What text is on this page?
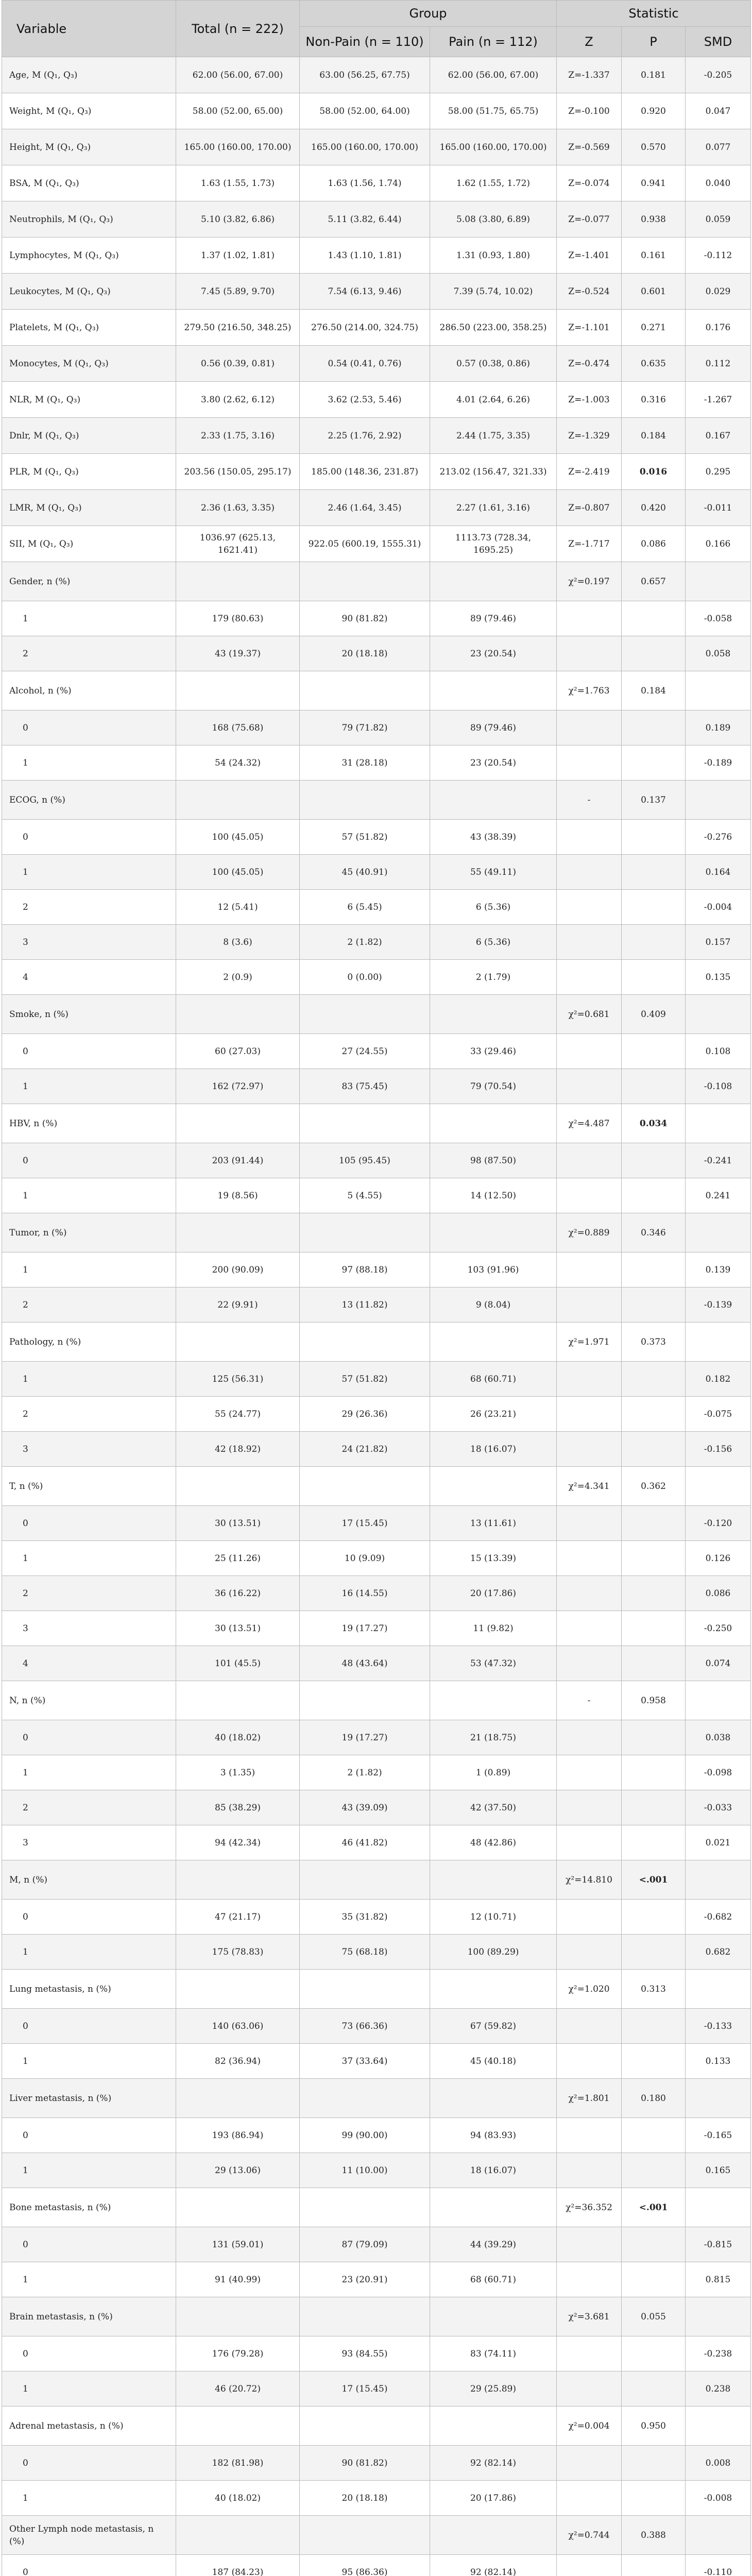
Variable	Total (n = 222)	Group		Statistic		
		Non-Pain (n = 110)	Pain (n = 112)	Z	P	SMD
Age, M (Q₁, Q₃)	62.00 (56.00, 67.00)	63.00 (56.25, 67.75)	62.00 (56.00, 67.00)	Z=-1.337	0.181	-0.205
Weight, M (Q₁, Q₃)	58.00 (52.00, 65.00)	58.00 (52.00, 64.00)	58.00 (51.75, 65.75)	Z=-0.100	0.920	0.047
Height, M (Q₁, Q₃)	165.00 (160.00, 170.00)	165.00 (160.00, 170.00)	165.00 (160.00, 170.00)	Z=-0.569	0.570	0.077
BSA, M (Q₁, Q₃)	1.63 (1.55, 1.73)	1.63 (1.56, 1.74)	1.62 (1.55, 1.72)	Z=-0.074	0.941	0.040
Neutrophils, M (Q₁, Q₃)	5.10 (3.82, 6.86)	5.11 (3.82, 6.44)	5.08 (3.80, 6.89)	Z=-0.077	0.938	0.059
Lymphocytes, M (Q₁, Q₃)	1.37 (1.02, 1.81)	1.43 (1.10, 1.81)	1.31 (0.93, 1.80)	Z=-1.401	0.161	-0.112
Leukocytes, M (Q₁, Q₃)	7.45 (5.89, 9.70)	7.54 (6.13, 9.46)	7.39 (5.74, 10.02)	Z=-0.524	0.601	0.029
Platelets, M (Q₁, Q₃)	279.50 (216.50, 348.25)	276.50 (214.00, 324.75)	286.50 (223.00, 358.25)	Z=-1.101	0.271	0.176
Monocytes, M (Q₁, Q₃)	0.56 (0.39, 0.81)	0.54 (0.41, 0.76)	0.57 (0.38, 0.86)	Z=-0.474	0.635	0.112
NLR, M (Q₁, Q₃)	3.80 (2.62, 6.12)	3.62 (2.53, 5.46)	4.01 (2.64, 6.26)	Z=-1.003	0.316	-1.267
Dnlr, M (Q₁, Q₃)	2.33 (1.75, 3.16)	2.25 (1.76, 2.92)	2.44 (1.75, 3.35)	Z=-1.329	0.184	0.167
PLR, M (Q₁, Q₃)	203.56 (150.05, 295.17)	185.00 (148.36, 231.87)	213.02 (156.47, 321.33)	Z=-2.419	0.016	0.295
LMR, M (Q₁, Q₃)	2.36 (1.63, 3.35)	2.46 (1.64, 3.45)	2.27 (1.61, 3.16)	Z=-0.807	0.420	-0.011
SII, M (Q₁, Q₃)	1036.97 (625.13, 1621.41)	922.05 (600.19, 1555.31)	1113.73 (728.34, 1695.25)	Z=-1.717	0.086	0.166
Gender, n (%)				χ²=0.197	0.657	
1	179 (80.63)	90 (81.82)	89 (79.46)			-0.058
2	43 (19.37)	20 (18.18)	23 (20.54)			0.058
Alcohol, n (%)				χ²=1.763	0.184	
0	168 (75.68)	79 (71.82)	89 (79.46)			0.189
1	54 (24.32)	31 (28.18)	23 (20.54)			-0.189
ECOG, n (%)				-	0.137	
0	100 (45.05)	57 (51.82)	43 (38.39)			-0.276
1	100 (45.05)	45 (40.91)	55 (49.11)			0.164
2	12 (5.41)	6 (5.45)	6 (5.36)			-0.004
3	8 (3.6)	2 (1.82)	6 (5.36)			0.157
4	2 (0.9)	0 (0.00)	2 (1.79)			0.135
Smoke, n (%)				χ²=0.681	0.409	
0	60 (27.03)	27 (24.55)	33 (29.46)			0.108
1	162 (72.97)	83 (75.45)	79 (70.54)			-0.108
HBV, n (%)				χ²=4.487	0.034	
0	203 (91.44)	105 (95.45)	98 (87.50)			-0.241
1	19 (8.56)	5 (4.55)	14 (12.50)			0.241
Tumor, n (%)				χ²=0.889	0.346	
1	200 (90.09)	97 (88.18)	103 (91.96)			0.139
2	22 (9.91)	13 (11.82)	9 (8.04)			-0.139
Pathology, n (%)				χ²=1.971	0.373	
1	125 (56.31)	57 (51.82)	68 (60.71)			0.182
2	55 (24.77)	29 (26.36)	26 (23.21)			-0.075
3	42 (18.92)	24 (21.82)	18 (16.07)			-0.156
T, n (%)				χ²=4.341	0.362	
0	30 (13.51)	17 (15.45)	13 (11.61)			-0.120
1	25 (11.26)	10 (9.09)	15 (13.39)			0.126
2	36 (16.22)	16 (14.55)	20 (17.86)			0.086
3	30 (13.51)	19 (17.27)	11 (9.82)			-0.250
4	101 (45.5)	48 (43.64)	53 (47.32)			0.074
N, n (%)				-	0.958	
0	40 (18.02)	19 (17.27)	21 (18.75)			0.038
1	3 (1.35)	2 (1.82)	1 (0.89)			-0.098
2	85 (38.29)	43 (39.09)	42 (37.50)			-0.033
3	94 (42.34)	46 (41.82)	48 (42.86)			0.021
M, n (%)				χ²=14.810	<.001	
0	47 (21.17)	35 (31.82)	12 (10.71)			-0.682
1	175 (78.83)	75 (68.18)	100 (89.29)			0.682
Lung metastasis, n (%)				χ²=1.020	0.313	
0	140 (63.06)	73 (66.36)	67 (59.82)			-0.133
1	82 (36.94)	37 (33.64)	45 (40.18)			0.133
Liver metastasis, n (%)				χ²=1.801	0.180	
0	193 (86.94)	99 (90.00)	94 (83.93)			-0.165
1	29 (13.06)	11 (10.00)	18 (16.07)			0.165
Bone metastasis, n (%)				χ²=36.352	<.001	
0	131 (59.01)	87 (79.09)	44 (39.29)			-0.815
1	91 (40.99)	23 (20.91)	68 (60.71)			0.815
Brain metastasis, n (%)				χ²=3.681	0.055	
0	176 (79.28)	93 (84.55)	83 (74.11)			-0.238
1	46 (20.72)	17 (15.45)	29 (25.89)			0.238
Adrenal metastasis, n (%)				χ²=0.004	0.950	
0	182 (81.98)	90 (81.82)	92 (82.14)			0.008
1	40 (18.02)	20 (18.18)	20 (17.86)			-0.008
Other Lymph node metastasis, n (%)				χ²=0.744	0.388	
0	187 (84.23)	95 (86.36)	92 (82.14)			-0.110
